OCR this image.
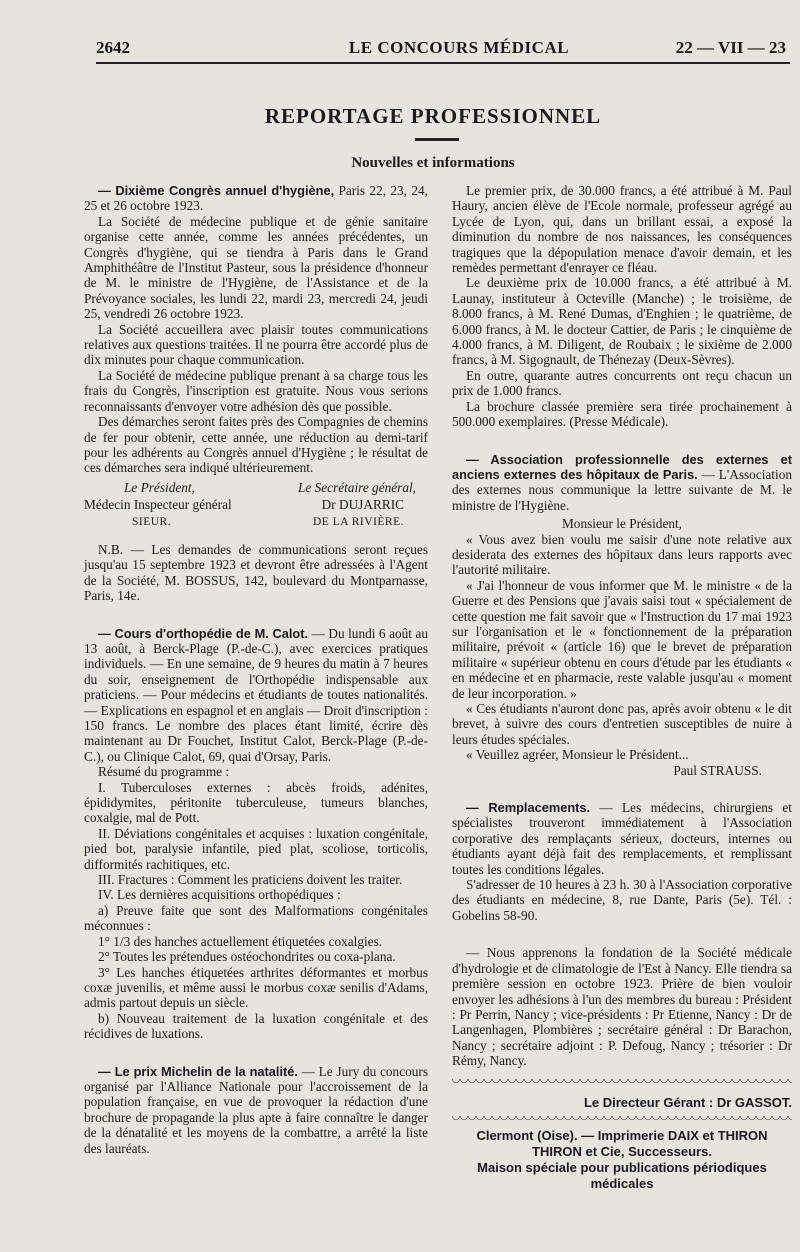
2642	LE CONCOURS MÉDICAL	22 — VII — 23
REPORTAGE PROFESSIONNEL
Nouvelles et informations

— Dixième Congrès annuel d'hygiène, Paris 22, 23, 24, 25 et 26 octobre 1923.

La Société de médecine publique et de génie sanitaire organise cette année, comme les années précédentes, un Congrès d'hygiène, qui se tiendra à Paris dans le Grand Amphithéâtre de l'Institut Pasteur, sous la présidence d'honneur de M. le ministre de l'Hygiène, de l'Assistance et de la Prévoyance sociales, les lundi 22, mardi 23, mercredi 24, jeudi 25, vendredi 26 octobre 1923.

La Société accueillera avec plaisir toutes communications relatives aux questions traitées. Il ne pourra être accordé plus de dix minutes pour chaque communication.

La Société de médecine publique prenant à sa charge tous les frais du Congrès, l'inscription est gratuite. Nous vous serions reconnaissants d'envoyer votre adhésion dès que possible.

Des démarches seront faites près des Compagnies de chemins de fer pour obtenir, cette année, une réduction au demi-tarif pour les adhérents au Congrès annuel d'Hygiène ; le résultat de ces démarches sera indiqué ultérieurement.

Le Président,	Le Secrétaire général,
Médecin Inspecteur général	Dr DUJARRIC
SIEUR.	DE LA RIVIÈRE.

N.B. — Les demandes de communications seront reçues jusqu'au 15 septembre 1923 et devront être adressées à l'Agent de la Société, M. BOSSUS, 142, boulevard du Montparnasse, Paris, 14e.

— Cours d'orthopédie de M. Calot. — Du lundi 6 août au 13 août, à Berck-Plage (P.-de-C.), avec exercices pratiques individuels. — En une semaine, de 9 heures du matin à 7 heures du soir, enseignement de l'Orthopédie indispensable aux praticiens. — Pour médecins et étudiants de toutes nationalités. — Explications en espagnol et en anglais — Droit d'inscription : 150 francs. Le nombre des places étant limité, écrire dès maintenant au Dr Fouchet, Institut Calot, Berck-Plage (P.-de-C.), ou Clinique Calot, 69, quai d'Orsay, Paris.

Résumé du programme :

I. Tuberculoses externes : abcès froids, adénites, épididymites, péritonite tuberculeuse, tumeurs blanches, coxalgie, mal de Pott.

II. Déviations congénitales et acquises : luxation congénitale, pied bot, paralysie infantile, pied plat, scoliose, torticolis, difformités rachitiques, etc.

III. Fractures : Comment les praticiens doivent les traiter.

IV. Les dernières acquisitions orthopédiques :

a) Preuve faite que sont des Malformations congénitales méconnues :

1° 1/3 des hanches actuellement étiquetées coxalgies.

2° Toutes les prétendues ostéochondrites ou coxa-plana.

3° Les hanches étiquetées arthrites déformantes et morbus coxæ juvenilis, et même aussi le morbus coxæ senilis d'Adams, admis partout depuis un siècle.

b) Nouveau traitement de la luxation congénitale et des récidives de luxations.

— Le prix Michelin de la natalité. — Le Jury du concours organisé par l'Alliance Nationale pour l'accroissement de la population française, en vue de provoquer la rédaction d'une brochure de propagande la plus apte à faire connaître le danger de la dénatalité et les moyens de la combattre, a arrêté la liste des lauréats.

Le premier prix, de 30.000 francs, a été attribué à M. Paul Haury, ancien élève de l'Ecole normale, professeur agrégé au Lycée de Lyon, qui, dans un brillant essai, a exposé la diminution du nombre de nos naissances, les conséquences tragiques que la dépopulation menace d'avoir demain, et les remèdes permettant d'enrayer ce fléau.

Le deuxième prix de 10.000 francs, a été attribué à M. Launay, instituteur à Octeville (Manche) ; le troisième, de 8.000 francs, à M. René Dumas, d'Enghien ; le quatrième, de 6.000 francs, à M. le docteur Cattier, de Paris ; le cinquième de 4.000 francs, à M. Diligent, de Roubaix ; le sixième de 2.000 francs, à M. Sigognault, de Thénezay (Deux-Sèvres).

En outre, quarante autres concurrents ont reçu chacun un prix de 1.000 francs.

La brochure classée première sera tirée prochainement à 500.000 exemplaires. (Presse Médicale).

— Association professionnelle des externes et anciens externes des hôpitaux de Paris. — L'Association des externes nous communique la lettre suivante de M. le ministre de l'Hygiène.

Monsieur le Président,

« Vous avez bien voulu me saisir d'une note relative aux desiderata des externes des hôpitaux dans leurs rapports avec l'autorité militaire.

« J'ai l'honneur de vous informer que M. le ministre « de la Guerre et des Pensions que j'avais saisi tout « spécialement de cette question me fait savoir que « l'Instruction du 17 mai 1923 sur l'organisation et le « fonctionnement de la préparation militaire, prévoit « (article 16) que le brevet de préparation militaire « supérieur obtenu en cours d'étude par les étudiants « en médecine et en pharmacie, reste valable jusqu'au « moment de leur incorporation. »

« Ces étudiants n'auront donc pas, après avoir obtenu « le dit brevet, à suivre des cours d'entretien susceptibles de nuire à leurs études spéciales.

« Veuillez agréer, Monsieur le Président...

Paul STRAUSS.

— Remplacements. — Les médecins, chirurgiens et spécialistes trouveront immédiatement à l'Association corporative des remplaçants sérieux, docteurs, internes ou étudiants ayant déjà fait des remplacements, et remplissant toutes les conditions légales.

S'adresser de 10 heures à 23 h. 30 à l'Association corporative des étudiants en médecine, 8, rue Dante, Paris (5e). Tél. : Gobelins 58-90.

— Nous apprenons la fondation de la Société médicale d'hydrologie et de climatologie de l'Est à Nancy. Elle tiendra sa première session en octobre 1923. Prière de bien vouloir envoyer les adhésions à l'un des membres du bureau : Président : Pr Perrin, Nancy ; vice-présidents : Pr Etienne, Nancy : Dr de Langenhagen, Plombières ; secrétaire général : Dr Barachon, Nancy ; secrétaire adjoint : P. Defoug, Nancy ; trésorier : Dr Rémy, Nancy.

Le Directeur Gérant : Dr GASSOT.
Clermont (Oise). — Imprimerie DAIX et THIRON
THIRON et Cie, Successeurs.
Maison spéciale pour publications périodiques médicales
